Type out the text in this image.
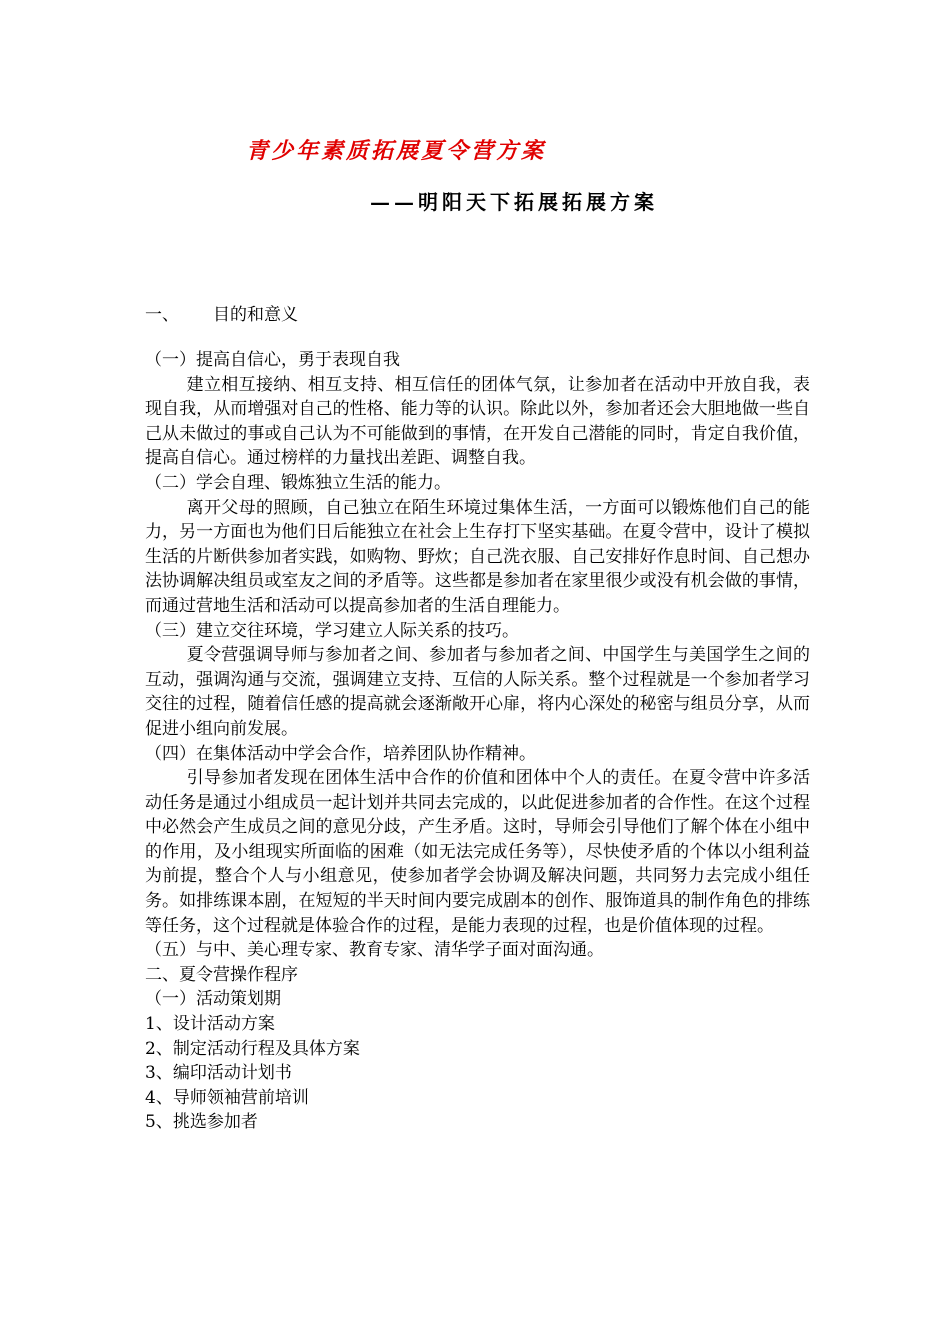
青少年素质拓展夏令营方案
——明阳天下拓展拓展方案
一、 目的和意义

（一）提高自信心，勇于表现自我

建立相互接纳、相互支持、相互信任的团体气氛，让参加者在活动中开放自我，表现自我，从而增强对自己的性格、能力等的认识。除此以外，参加者还会大胆地做一些自己从未做过的事或自己认为不可能做到的事情，在开发自己潜能的同时，肯定自我价值，提高自信心。通过榜样的力量找出差距、调整自我。

（二）学会自理、锻炼独立生活的能力。

离开父母的照顾，自己独立在陌生环境过集体生活，一方面可以锻炼他们自己的能力，另一方面也为他们日后能独立在社会上生存打下坚实基础。在夏令营中，设计了模拟生活的片断供参加者实践，如购物、野炊；自己洗衣服、自己安排好作息时间、自己想办法协调解决组员或室友之间的矛盾等。这些都是参加者在家里很少或没有机会做的事情，而通过营地生活和活动可以提高参加者的生活自理能力。

（三）建立交往环境，学习建立人际关系的技巧。

夏令营强调导师与参加者之间、参加者与参加者之间、中国学生与美国学生之间的互动，强调沟通与交流，强调建立支持、互信的人际关系。整个过程就是一个参加者学习交往的过程，随着信任感的提高就会逐渐敞开心扉，将内心深处的秘密与组员分享，从而促进小组向前发展。

（四）在集体活动中学会合作，培养团队协作精神。

引导参加者发现在团体生活中合作的价值和团体中个人的责任。在夏令营中许多活动任务是通过小组成员一起计划并共同去完成的，以此促进参加者的合作性。在这个过程中必然会产生成员之间的意见分歧，产生矛盾。这时，导师会引导他们了解个体在小组中的作用，及小组现实所面临的困难（如无法完成任务等），尽快使矛盾的个体以小组利益为前提，整合个人与小组意见，使参加者学会协调及解决问题，共同努力去完成小组任务。如排练课本剧，在短短的半天时间内要完成剧本的创作、服饰道具的制作角色的排练等任务，这个过程就是体验合作的过程，是能力表现的过程，也是价值体现的过程。

（五）与中、美心理专家、教育专家、清华学子面对面沟通。

二、夏令营操作程序

（一）活动策划期

1、设计活动方案

2、制定活动行程及具体方案

3、编印活动计划书

4、导师领袖营前培训

5、挑选参加者
